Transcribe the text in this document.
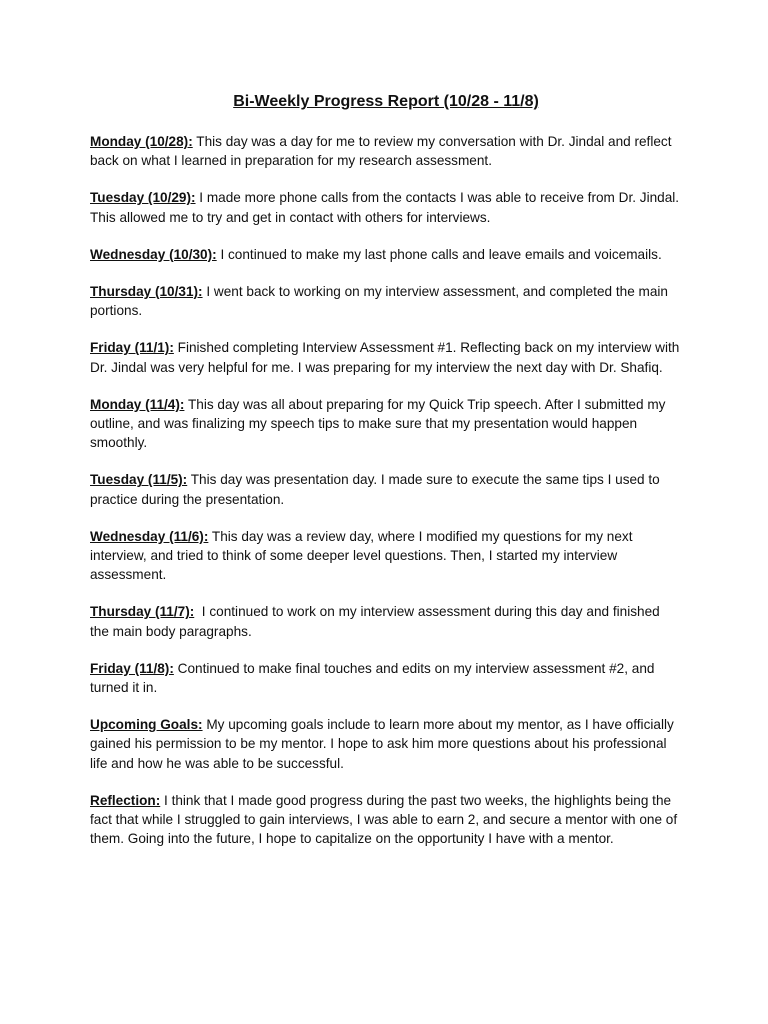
Bi-Weekly Progress Report (10/28 - 11/8)

Monday (10/28): This day was a day for me to review my conversation with Dr. Jindal and reflect back on what I learned in preparation for my research assessment.

Tuesday (10/29): I made more phone calls from the contacts I was able to receive from Dr. Jindal. This allowed me to try and get in contact with others for interviews.

Wednesday (10/30): I continued to make my last phone calls and leave emails and voicemails.

Thursday (10/31): I went back to working on my interview assessment, and completed the main portions.

Friday (11/1): Finished completing Interview Assessment #1. Reflecting back on my interview with Dr. Jindal was very helpful for me. I was preparing for my interview the next day with Dr. Shafiq.

Monday (11/4): This day was all about preparing for my Quick Trip speech. After I submitted my outline, and was finalizing my speech tips to make sure that my presentation would happen smoothly.

Tuesday (11/5): This day was presentation day. I made sure to execute the same tips I used to practice during the presentation.

Wednesday (11/6): This day was a review day, where I modified my questions for my next interview, and tried to think of some deeper level questions. Then, I started my interview assessment.

Thursday (11/7):  I continued to work on my interview assessment during this day and finished the main body paragraphs.

Friday (11/8): Continued to make final touches and edits on my interview assessment #2, and turned it in.

Upcoming Goals: My upcoming goals include to learn more about my mentor, as I have officially gained his permission to be my mentor. I hope to ask him more questions about his professional life and how he was able to be successful.

Reflection: I think that I made good progress during the past two weeks, the highlights being the fact that while I struggled to gain interviews, I was able to earn 2, and secure a mentor with one of them. Going into the future, I hope to capitalize on the opportunity I have with a mentor.
